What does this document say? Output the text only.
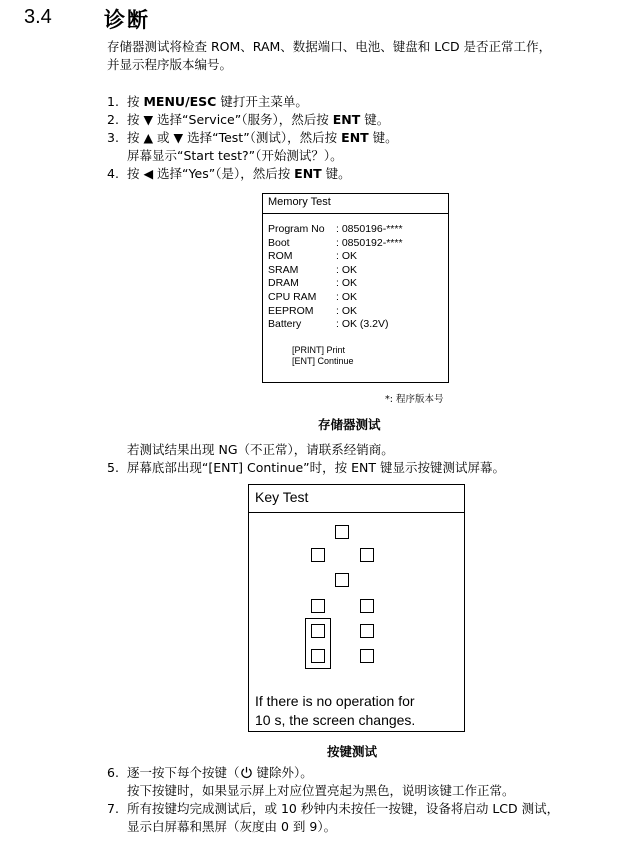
3.4 诊断
存储器测试将检查 ROM、RAM、数据端口、电池、键盘和 LCD 是否正常工作，
并显示程序版本编号。
1. 按 MENU/ESC 键打开主菜单。
2. 按 ▼ 选择“Service”（服务），然后按 ENT 键。
3. 按 ▲ 或 ▼ 选择“Test”（测试），然后按 ENT 键。
屏幕显示“Start test?”（开始测试？）。
4. 按 ◀ 选择“Yes”（是），然后按 ENT 键。
Memory Test
Program No	: 0850196-****
Boot	: 0850192-****
ROM	: OK
SRAM	: OK
DRAM	: OK
CPU RAM	: OK
EEPROM	: OK
Battery	: OK (3.2V)
[PRINT] Print
[ENT] Continue
*: 程序版本号
存储器测试
若测试结果出现 NG（不正常），请联系经销商。
5. 屏幕底部出现“[ENT] Continue”时，按 ENT 键显示按键测试屏幕。
Key Test
If there is no operation for
10 s, the screen changes.
按键测试
6. 逐一按下每个按键（ 键除外）。
按下按键时，如果显示屏上对应位置亮起为黑色，说明该键工作正常。
7. 所有按键均完成测试后，或 10 秒钟内未按任一按键，设备将启动 LCD 测试，
显示白屏幕和黑屏（灰度由 0 到 9）。
